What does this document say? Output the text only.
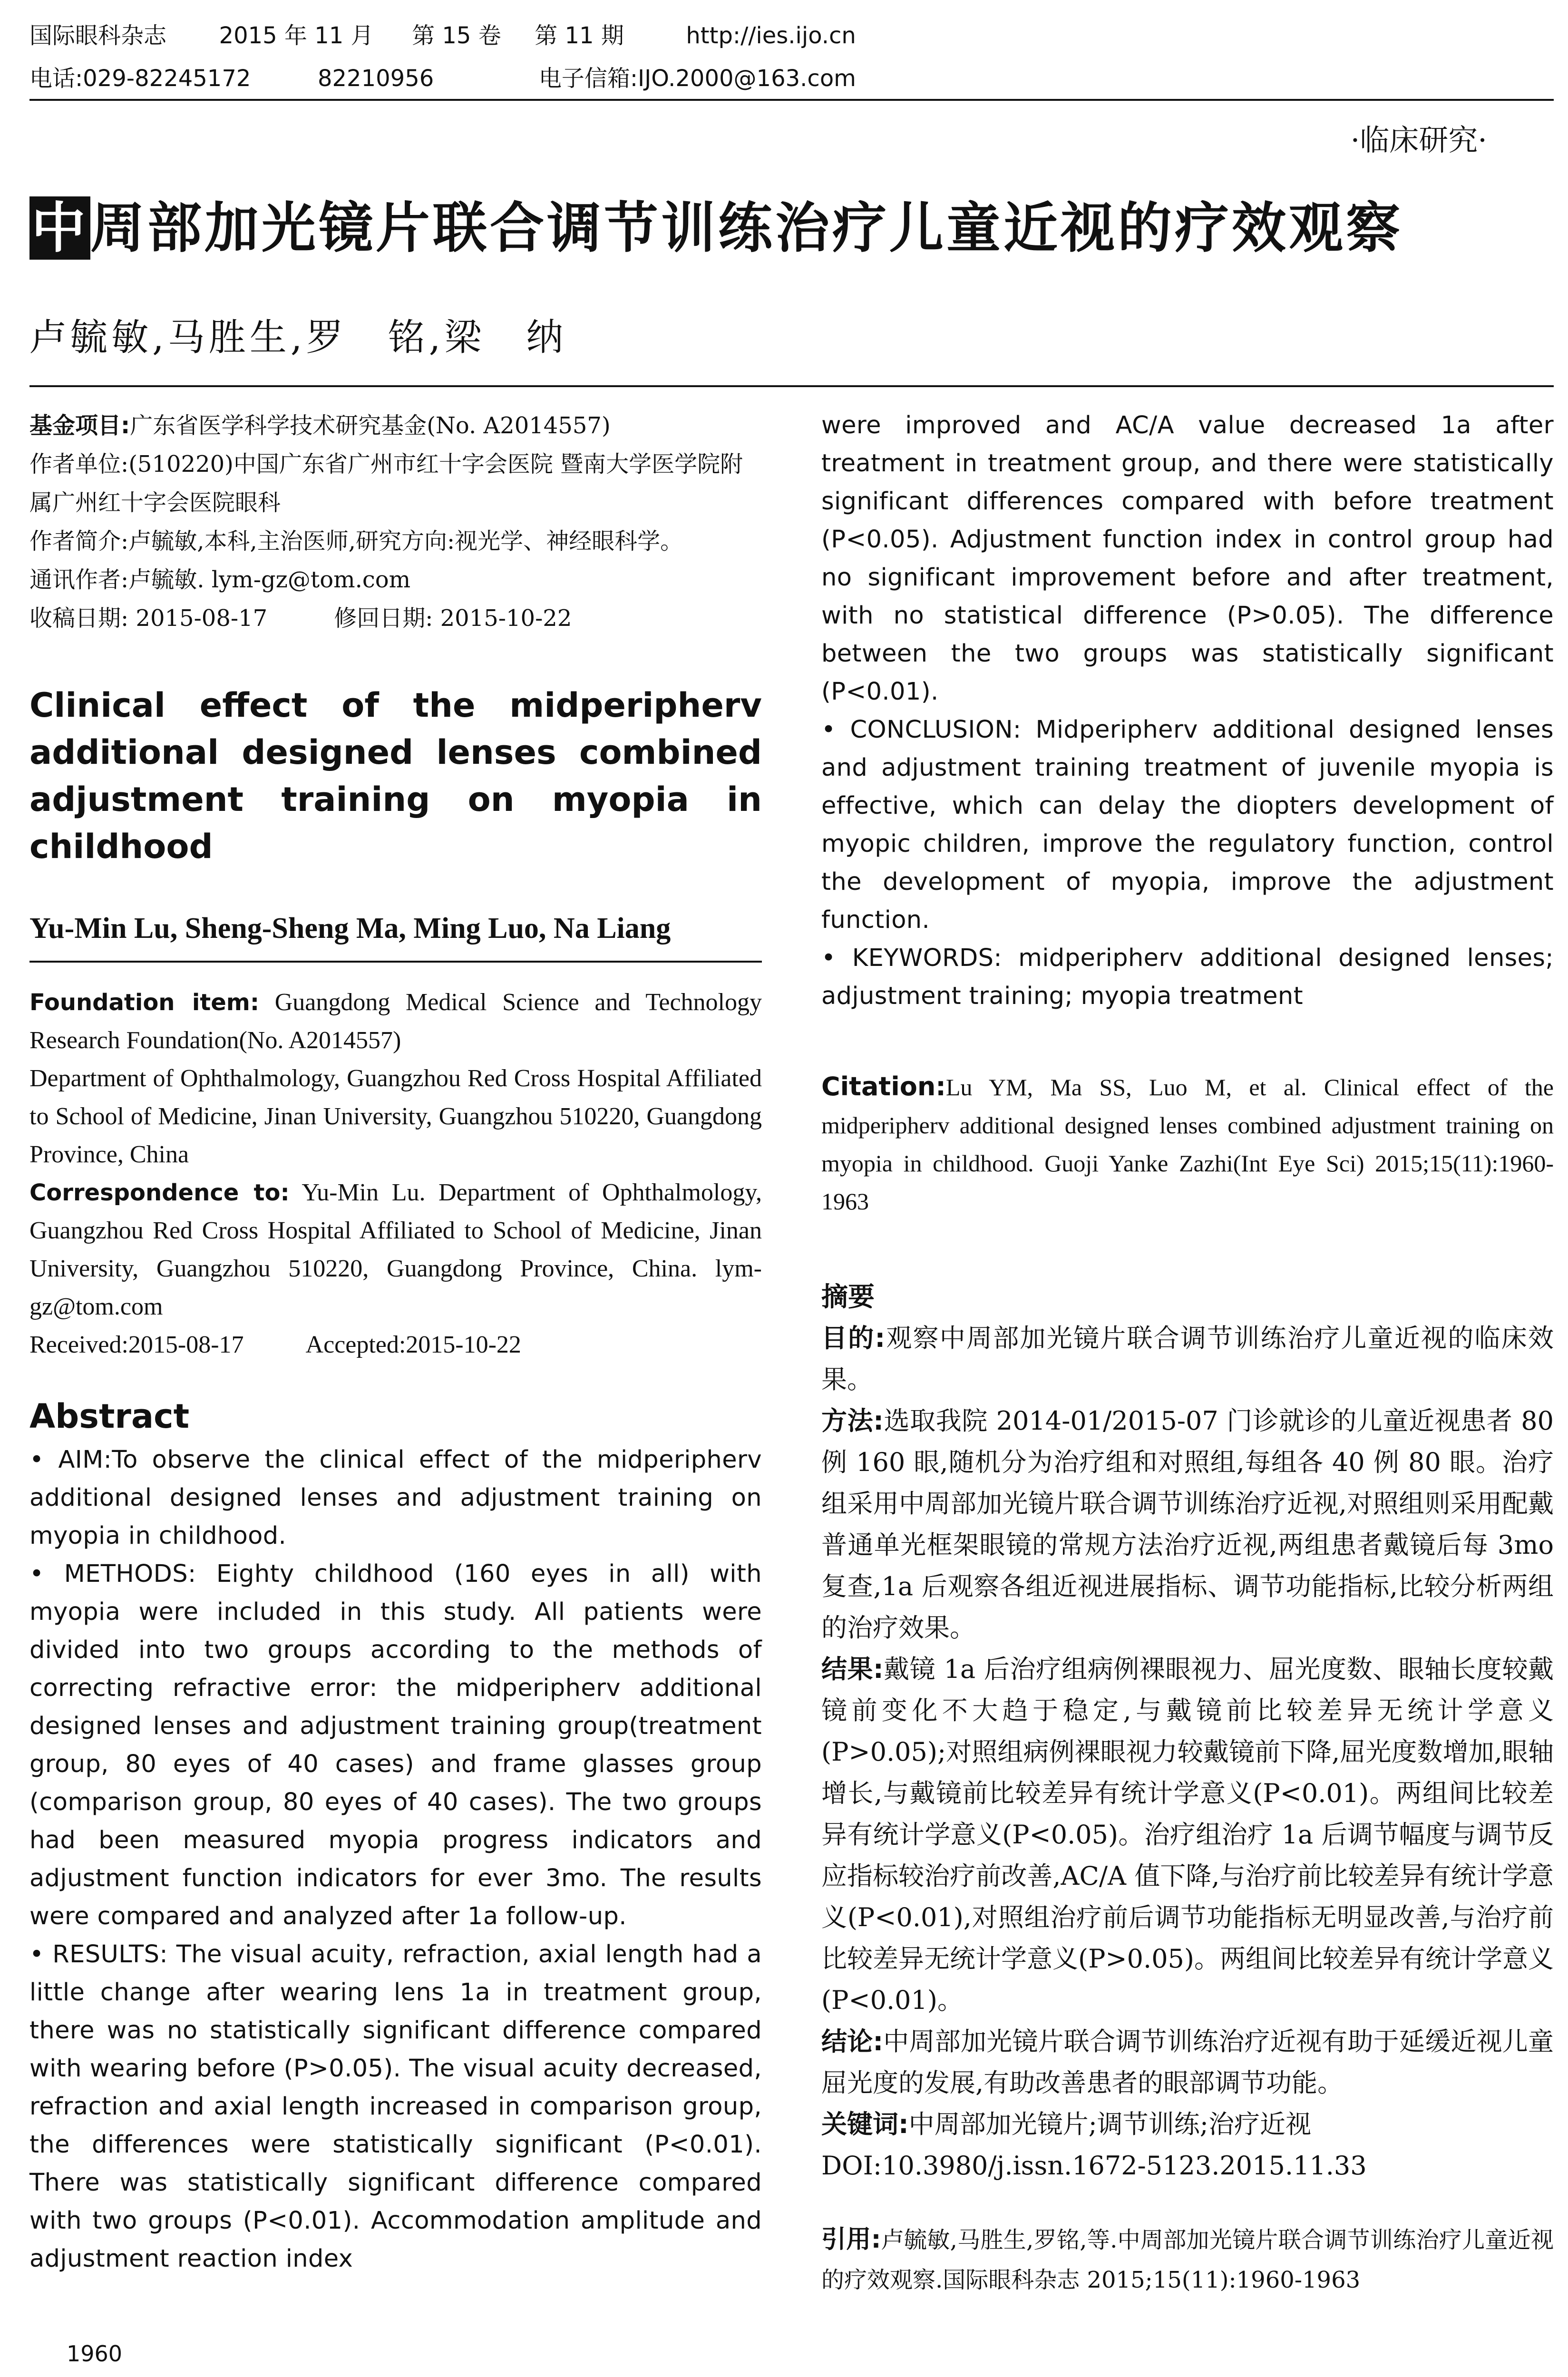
国际眼科杂志 2015 年 11 月 第 15 卷 第 11 期	http://ies.ijo.cn
电话:029-82245172	82210956	电子信箱:IJO.2000@163.com
·临床研究·
中周部加光镜片联合调节训练治疗儿童近视的疗效观察
卢毓敏,马胜生,罗　铭,梁　纳

基金项目:广东省医学科学技术研究基金(No. A2014557)

作者单位:(510220)中国广东省广州市红十字会医院 暨南大学医学院附属广州红十字会医院眼科

作者简介:卢毓敏,本科,主治医师,研究方向:视光学、神经眼科学。

通讯作者:卢毓敏. lym-gz@tom.com

收稿日期: 2015-08-17	修回日期: 2015-10-22

Clinical effect of the midperipherv additional designed lenses combined adjustment training on myopia in childhood

Yu-Min Lu, Sheng-Sheng Ma, Ming Luo, Na Liang

Foundation item: Guangdong Medical Science and Technology Research Foundation(No. A2014557)

Department of Ophthalmology, Guangzhou Red Cross Hospital Affiliated to School of Medicine, Jinan University, Guangzhou 510220, Guangdong Province, China

Correspondence to: Yu-Min Lu. Department of Ophthalmology, Guangzhou Red Cross Hospital Affiliated to School of Medicine, Jinan University, Guangzhou 510220, Guangdong Province, China. lym-gz@tom.com

Received:2015-08-17	Accepted:2015-10-22

Abstract

• AIM:To observe the clinical effect of the midperipherv additional designed lenses and adjustment training on myopia in childhood.

• METHODS: Eighty childhood (160 eyes in all) with myopia were included in this study. All patients were divided into two groups according to the methods of correcting refractive error: the midperipherv additional designed lenses and adjustment training group(treatment group, 80 eyes of 40 cases) and frame glasses group (comparison group, 80 eyes of 40 cases). The two groups had been measured myopia progress indicators and adjustment function indicators for ever 3mo. The results were compared and analyzed after 1a follow-up.

• RESULTS: The visual acuity, refraction, axial length had a little change after wearing lens 1a in treatment group, there was no statistically significant difference compared with wearing before (P>0.05). The visual acuity decreased, refraction and axial length increased in comparison group, the differences were statistically significant (P<0.01). There was statistically significant difference compared with two groups (P<0.01). Accommodation amplitude and adjustment reaction index

were improved and AC/A value decreased 1a after treatment in treatment group, and there were statistically significant differences compared with before treatment (P<0.05). Adjustment function index in control group had no significant improvement before and after treatment, with no statistical difference (P>0.05). The difference between the two groups was statistically significant (P<0.01).

• CONCLUSION: Midperipherv additional designed lenses and adjustment training treatment of juvenile myopia is effective, which can delay the diopters development of myopic children, improve the regulatory function, control the development of myopia, improve the adjustment function.

• KEYWORDS: midperipherv additional designed lenses; adjustment training; myopia treatment

Citation:Lu YM, Ma SS, Luo M, et al. Clinical effect of the midperipherv additional designed lenses combined adjustment training on myopia in childhood. Guoji Yanke Zazhi(Int Eye Sci) 2015;15(11):1960-1963

摘要

目的:观察中周部加光镜片联合调节训练治疗儿童近视的临床效果。

方法:选取我院 2014-01/2015-07 门诊就诊的儿童近视患者 80 例 160 眼,随机分为治疗组和对照组,每组各 40 例 80 眼。治疗组采用中周部加光镜片联合调节训练治疗近视,对照组则采用配戴普通单光框架眼镜的常规方法治疗近视,两组患者戴镜后每 3mo 复查,1a 后观察各组近视进展指标、调节功能指标,比较分析两组的治疗效果。

结果:戴镜 1a 后治疗组病例裸眼视力、屈光度数、眼轴长度较戴镜前变化不大趋于稳定,与戴镜前比较差异无统计学意义(P>0.05);对照组病例裸眼视力较戴镜前下降,屈光度数增加,眼轴增长,与戴镜前比较差异有统计学意义(P<0.01)。两组间比较差异有统计学意义(P<0.05)。治疗组治疗 1a 后调节幅度与调节反应指标较治疗前改善,AC/A 值下降,与治疗前比较差异有统计学意义(P<0.01),对照组治疗前后调节功能指标无明显改善,与治疗前比较差异无统计学意义(P>0.05)。两组间比较差异有统计学意义(P<0.01)。

结论:中周部加光镜片联合调节训练治疗近视有助于延缓近视儿童屈光度的发展,有助改善患者的眼部调节功能。

关键词:中周部加光镜片;调节训练;治疗近视

DOI:10.3980/j.issn.1672-5123.2015.11.33

引用:卢毓敏,马胜生,罗铭,等.中周部加光镜片联合调节训练治疗儿童近视的疗效观察.国际眼科杂志 2015;15(11):1960-1963

1960
